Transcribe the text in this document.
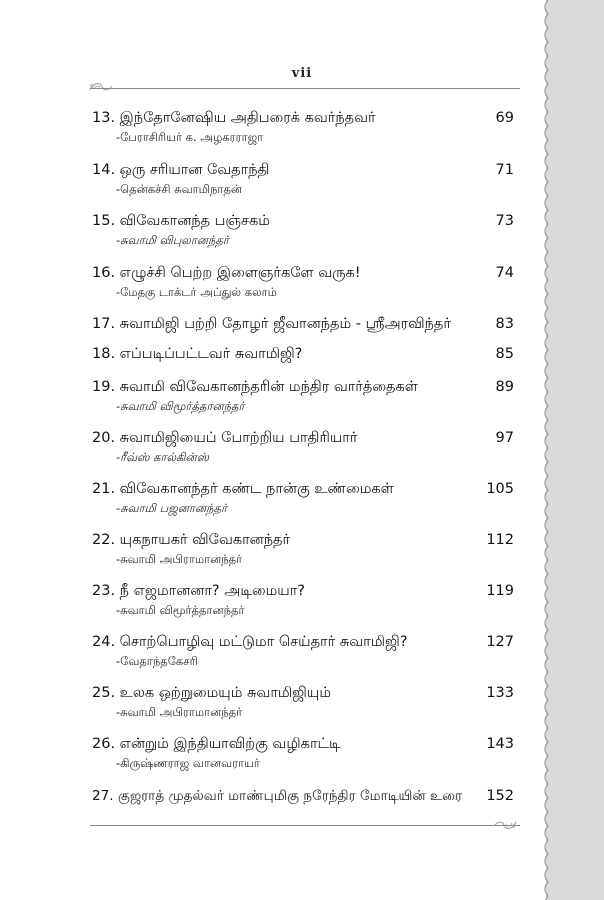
vii
13. இந்தோனேஷிய அதிபரைக் கவர்ந்தவர்	69
-பேராசிரியர் க. அழகரராஜா
14. ஒரு சரியான வேதாந்தி	71
-தென்கச்சி சுவாமிநாதன்
15. விவேகானந்த பஞ்சகம்	73
-சுவாமி விபுலானந்தர்
16. எழுச்சி பெற்ற இளைஞர்களே வருக!	74
-மேதகு டாக்டர் அப்துல் கலாம்
17. சுவாமிஜி பற்றி தோழர் ஜீவானந்தம் - ஸ்ரீஅரவிந்தர்	83
18. எப்படிப்பட்டவர் சுவாமிஜி?	85
19. சுவாமி விவேகானந்தரின் மந்திர வார்த்தைகள்	89
-சுவாமி விமூர்த்தானந்தர்
20. சுவாமிஜியைப் போற்றிய பாதிரியார்	97
-ரீவ்ஸ் கால்கின்ஸ்
21. விவேகானந்தர் கண்ட நான்கு உண்மைகள்	105
-சுவாமி பஜனானந்தர்
22. யுகநாயகர் விவேகானந்தர்	112
-சுவாமி அபிராமானந்தர்
23. நீ எஜமானனா? அடிமையா?	119
-சுவாமி விமூர்த்தானந்தர்
24. சொற்பொழிவு மட்டுமா செய்தார் சுவாமிஜி?	127
-வேதாந்தகேசரி
25. உலக ஒற்றுமையும் சுவாமிஜியும்	133
-சுவாமி அபிராமானந்தர்
26. என்றும் இந்தியாவிற்கு வழிகாட்டி	143
-கிருஷ்ணராஜ வானவராயர்
27. குஜராத் முதல்வர் மாண்புமிகு நரேந்திர மோடியின் உரை 152
